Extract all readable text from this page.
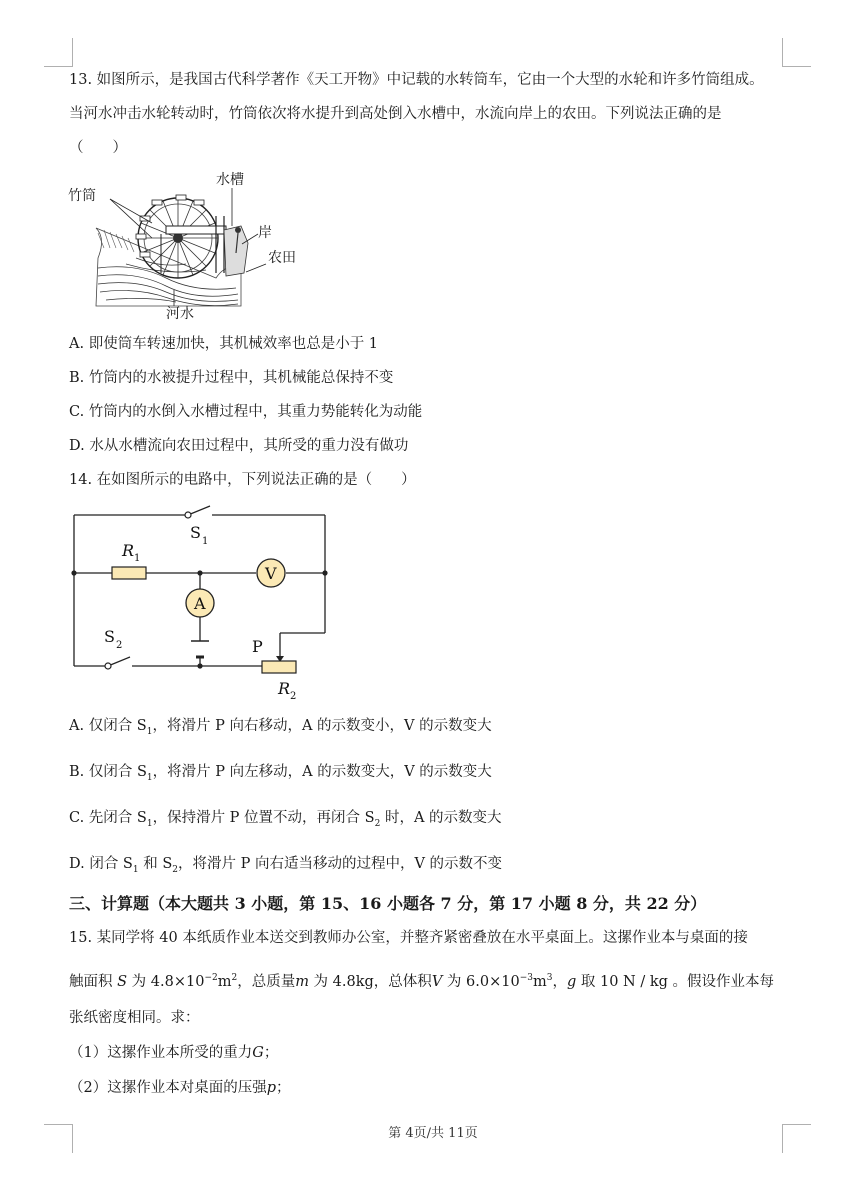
13. 如图所示，是我国古代科学著作《天工开物》中记载的水转筒车，它由一个大型的水轮和许多竹筒组成。
当河水冲击水轮转动时，竹筒依次将水提升到高处倒入水槽中，水流向岸上的农田。下列说法正确的是
（　　）
竹筒
水槽
岸
农田
河水
A. 即使筒车转速加快，其机械效率也总是小于 1
B. 竹筒内的水被提升过程中，其机械能总保持不变
C. 竹筒内的水倒入水槽过程中，其重力势能转化为动能
D. 水从水槽流向农田过程中，其所受的重力没有做功
14. 在如图所示的电路中，下列说法正确的是（　　）
V
A
S 1
R 1
S 2	P
R 2
A. 仅闭合 $S_1$，将滑片 P 向右移动，A 的示数变小，V 的示数变大
B. 仅闭合 $S_1$，将滑片 P 向左移动，A 的示数变大，V 的示数变大
C. 先闭合 $S_1$，保持滑片 P 位置不动，再闭合 $S_2$ 时，A 的示数变大
D. 闭合 $S_1$ 和 $S_2$，将滑片 P 向右适当移动的过程中，V 的示数不变
三、计算题（本大题共 3 小题，第 15、16 小题各 7 分，第 17 小题 8 分，共 22 分）
15. 某同学将 40 本纸质作业本送交到教师办公室，并整齐紧密叠放在水平桌面上。这摞作业本与桌面的接
触面积 S 为 $4.8\times 10^{-2}m^2$，总质量m 为 4.8kg，总体积V 为 $6.0\times 10^{-3}m^3$，g 取 10 N / kg 。假设作业本每
张纸密度相同。求：
（1）这摞作业本所受的重力G；
（2）这摞作业本对桌面的压强p；
第 4页/共 11页
